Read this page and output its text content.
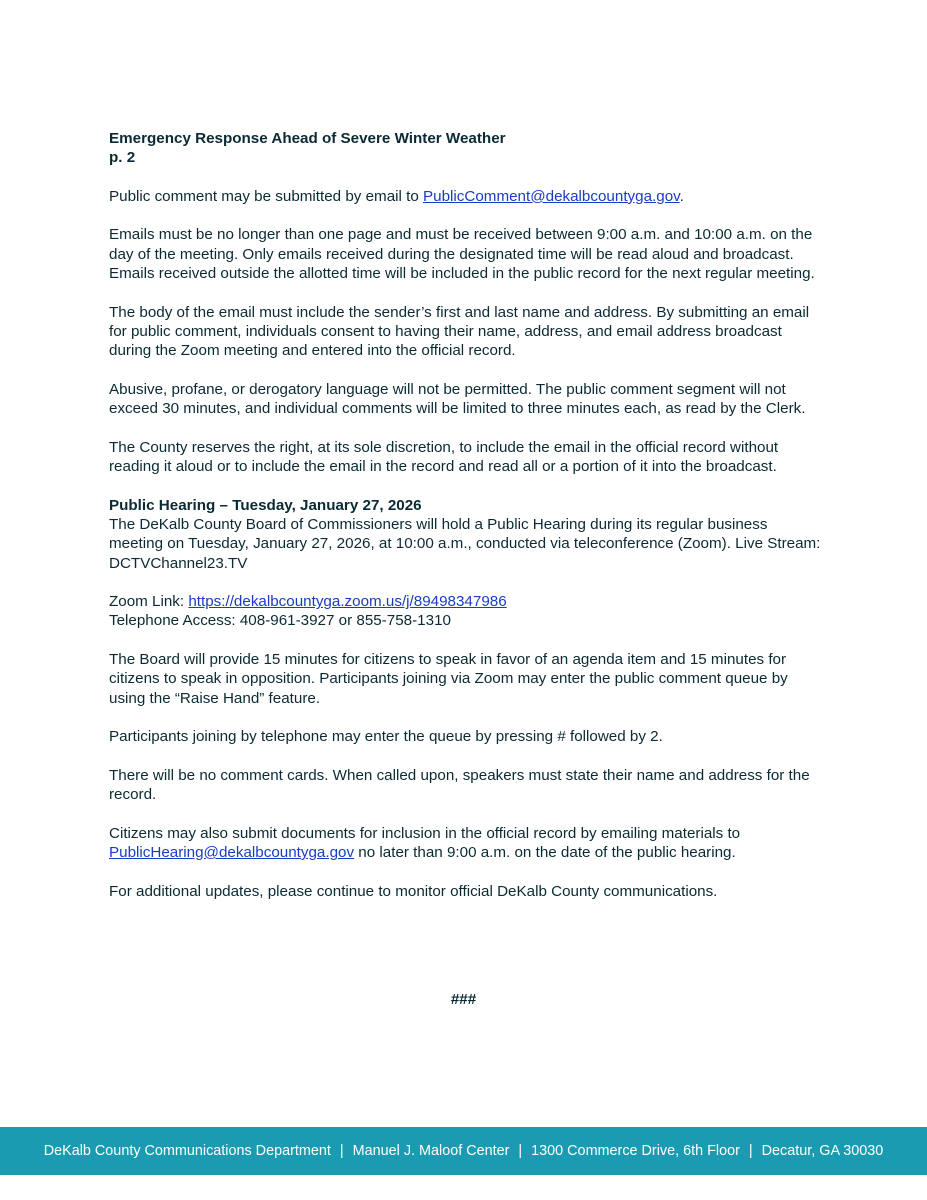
Emergency Response Ahead of Severe Winter Weather
p. 2

Public comment may be submitted by email to PublicComment@dekalbcountyga.gov.

Emails must be no longer than one page and must be received between 9:00 a.m. and 10:00 a.m. on the day of the meeting. Only emails received during the designated time will be read aloud and broadcast. Emails received outside the allotted time will be included in the public record for the next regular meeting.

The body of the email must include the sender’s first and last name and address. By submitting an email for public comment, individuals consent to having their name, address, and email address broadcast during the Zoom meeting and entered into the official record.

Abusive, profane, or derogatory language will not be permitted. The public comment segment will not exceed 30 minutes, and individual comments will be limited to three minutes each, as read by the Clerk.

The County reserves the right, at its sole discretion, to include the email in the official record without reading it aloud or to include the email in the record and read all or a portion of it into the broadcast.

Public Hearing – Tuesday, January 27, 2026
The DeKalb County Board of Commissioners will hold a Public Hearing during its regular business meeting on Tuesday, January 27, 2026, at 10:00 a.m., conducted via teleconference (Zoom). Live Stream: DCTVChannel23.TV

Zoom Link: https://dekalbcountyga.zoom.us/j/89498347986
Telephone Access: 408-961-3927 or 855-758-1310

The Board will provide 15 minutes for citizens to speak in favor of an agenda item and 15 minutes for citizens to speak in opposition. Participants joining via Zoom may enter the public comment queue by using the “Raise Hand” feature.

Participants joining by telephone may enter the queue by pressing # followed by 2.

There will be no comment cards. When called upon, speakers must state their name and address for the record.

Citizens may also submit documents for inclusion in the official record by emailing materials to PublicHearing@dekalbcountyga.gov no later than 9:00 a.m. on the date of the public hearing.

For additional updates, please continue to monitor official DeKalb County communications.

###
DeKalb County Communications Department | Manuel J. Maloof Center | 1300 Commerce Drive, 6th Floor | Decatur, GA 30030
